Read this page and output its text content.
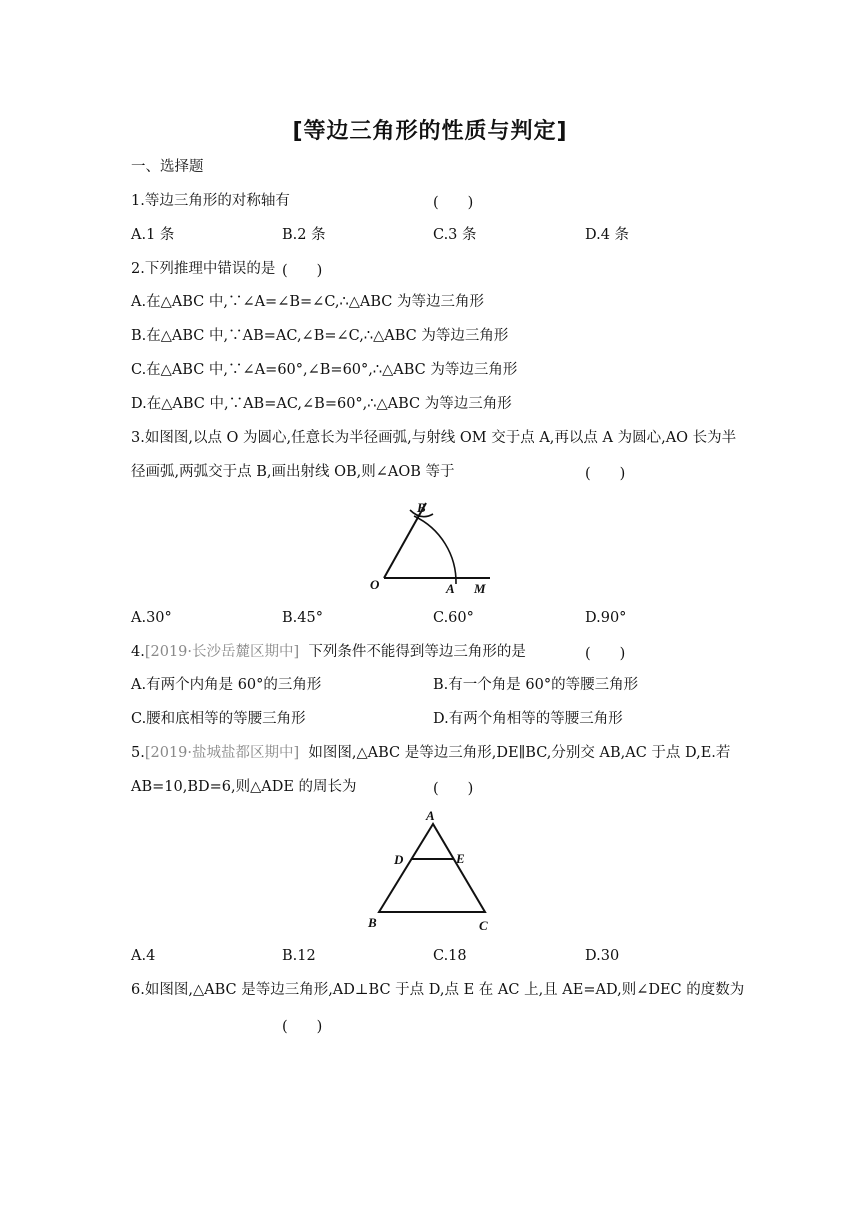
[等边三角形的性质与判定]
一、选择题
1.等边三角形的对称轴有	(　　)
A.1 条	B.2 条	C.3 条	D.4 条
2.下列推理中错误的是 (　　)
A.在△ABC 中,∵∠A=∠B=∠C,∴△ABC 为等边三角形
B.在△ABC 中,∵AB=AC,∠B=∠C,∴△ABC 为等边三角形
C.在△ABC 中,∵∠A=60°,∠B=60°,∴△ABC 为等边三角形
D.在△ABC 中,∵AB=AC,∠B=60°,∴△ABC 为等边三角形
3.如图图,以点 O 为圆心,任意长为半径画弧,与射线 OM 交于点 A,再以点 A 为圆心,AO 长为半
径画弧,两弧交于点 B,画出射线 OB,则∠AOB 等于	(　　)
O	A M
B
A.30°	B.45°	C.60°	D.90°
4.[2019·长沙岳麓区期中] 下列条件不能得到等边三角形的是	(　　)
A.有两个内角是 60°的三角形	B.有一个角是 60°的等腰三角形
C.腰和底相等的等腰三角形	D.有两个角相等的等腰三角形
5.[2019·盐城盐都区期中] 如图图,△ABC 是等边三角形,DE∥BC,分别交 AB,AC 于点 D,E.若
AB=10,BD=6,则△ADE 的周长为	(　　)
A
B	C
D	E
A.4	B.12	C.18	D.30
6.如图图,△ABC 是等边三角形,AD⊥BC 于点 D,点 E 在 AC 上,且 AE=AD,则∠DEC 的度数为
(　　)
